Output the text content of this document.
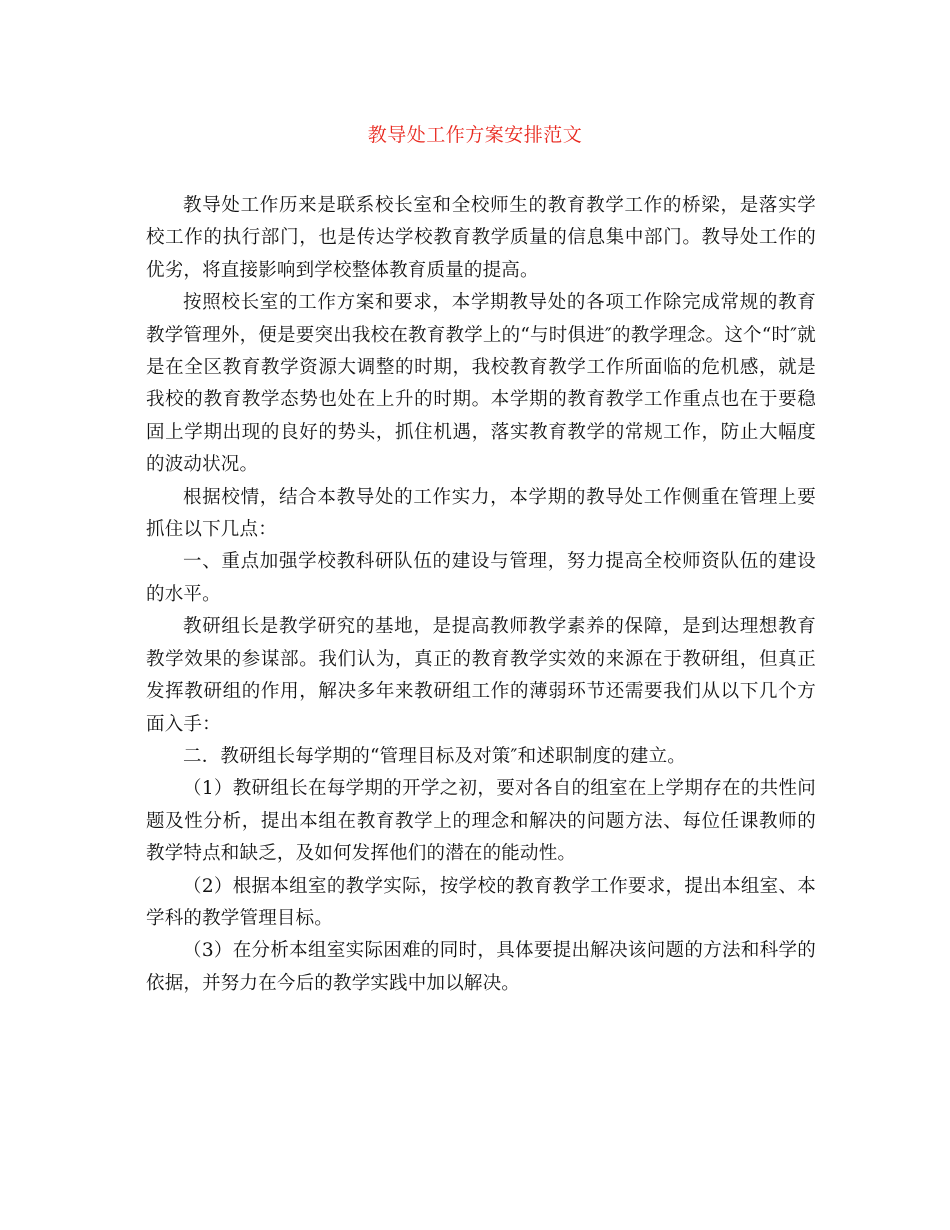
教导处工作方案安排范文

教导处工作历来是联系校长室和全校师生的教育教学工作的桥梁，是落实学校工作的执行部门，也是传达学校教育教学质量的信息集中部门。教导处工作的优劣，将直接影响到学校整体教育质量的提高。

按照校长室的工作方案和要求，本学期教导处的各项工作除完成常规的教育教学管理外，便是要突出我校在教育教学上的“与时俱进″的教学理念。这个“时″就是在全区教育教学资源大调整的时期，我校教育教学工作所面临的危机感，就是我校的教育教学态势也处在上升的时期。本学期的教育教学工作重点也在于要稳固上学期出现的良好的势头，抓住机遇，落实教育教学的常规工作，防止大幅度的波动状况。

根据校情，结合本教导处的工作实力，本学期的教导处工作侧重在管理上要抓住以下几点：

一、重点加强学校教科研队伍的建设与管理，努力提高全校师资队伍的建设的水平。

教研组长是教学研究的基地，是提高教师教学素养的保障，是到达理想教育教学效果的参谋部。我们认为，真正的教育教学实效的来源在于教研组，但真正发挥教研组的作用，解决多年来教研组工作的薄弱环节还需要我们从以下几个方面入手：

二．教研组长每学期的“管理目标及对策″和述职制度的建立。

（1）教研组长在每学期的开学之初，要对各自的组室在上学期存在的共性问题及性分析，提出本组在教育教学上的理念和解决的问题方法、每位任课教师的教学特点和缺乏，及如何发挥他们的潜在的能动性。

（2）根据本组室的教学实际，按学校的教育教学工作要求，提出本组室、本学科的教学管理目标。

（3）在分析本组室实际困难的同时，具体要提出解决该问题的方法和科学的依据，并努力在今后的教学实践中加以解决。
